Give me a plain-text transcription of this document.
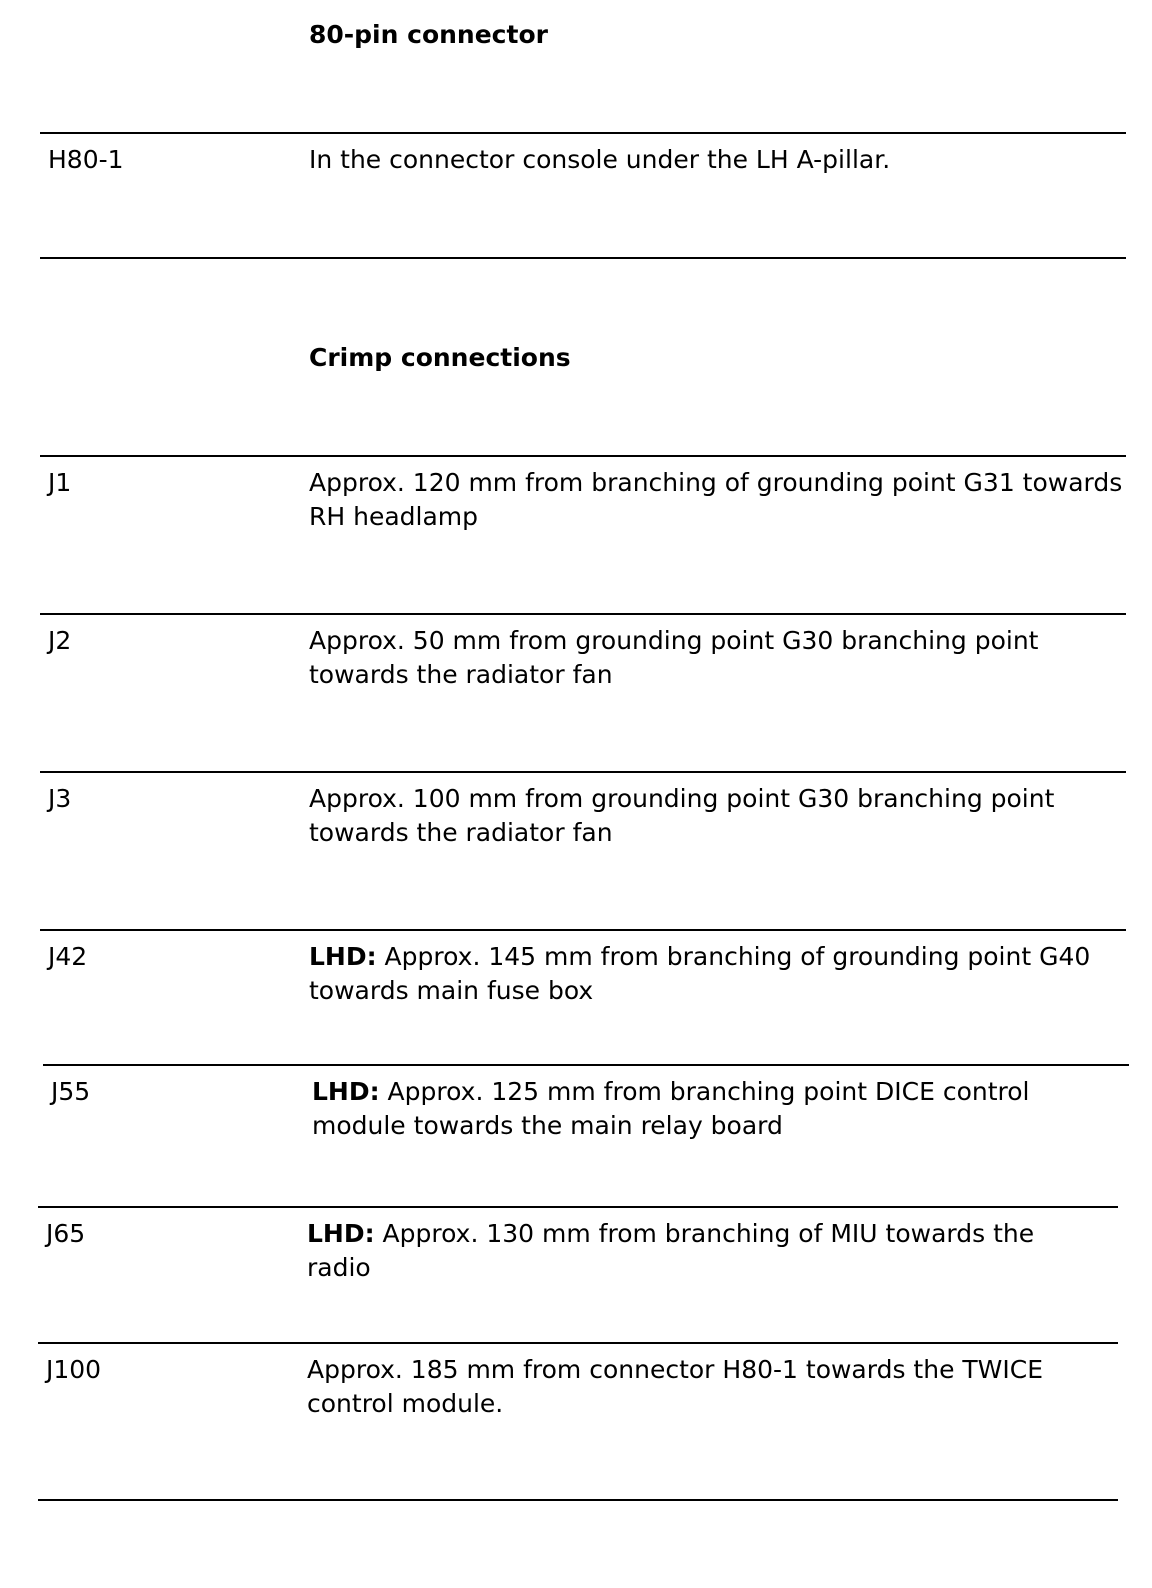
80-pin connector
H80-1	In the connector console under the LH A-pillar.
Crimp connections
J1	Approx. 120 mm from branching of grounding point G31 towards RH headlamp
J2	Approx. 50 mm from grounding point G30 branching point towards the radiator fan
J3	Approx. 100 mm from grounding point G30 branching point towards the radiator fan
J42	LHD: Approx. 145 mm from branching of grounding point G40 towards main fuse box
J55	LHD: Approx. 125 mm from branching point DICE control module towards the main relay board
J65	LHD: Approx. 130 mm from branching of MIU towards the radio
J100	Approx. 185 mm from connector H80-1 towards the TWICE control module.
